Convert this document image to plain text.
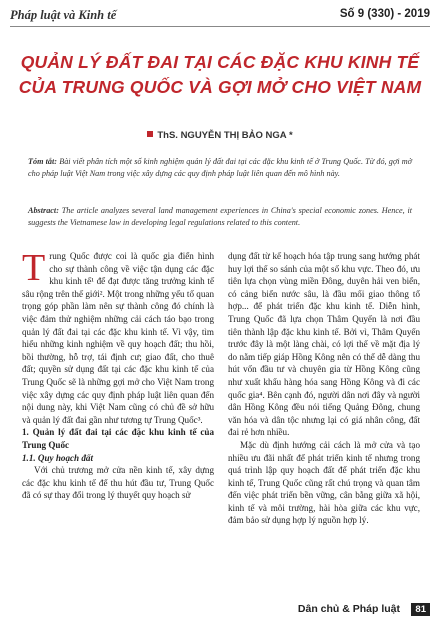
Pháp luật và Kinh tế	Số 9 (330) - 2019
QUẢN LÝ ĐẤT ĐAI TẠI CÁC ĐẶC KHU KINH TẾ
CỦA TRUNG QUỐC VÀ GỢI MỞ CHO VIỆT NAM
ThS. NGUYỄN THỊ BẢO NGA *
Tóm tắt: Bài viết phân tích một số kinh nghiệm quản lý đất đai tại các đặc khu kinh tế ở Trung Quốc. Từ đó, gợi mở cho pháp luật Việt Nam trong việc xây dựng các quy định pháp luật liên quan đến mô hình này.
Abstract: The article analyzes several land management experiences in China's special economic zones. Hence, it suggests the Vietnamese law in developing legal regulations related to this content.

Trung Quốc được coi là quốc gia điển hình cho sự thành công về việc tận dụng các đặc khu kinh tế¹ để đạt được tăng trưởng kinh tế sâu rộng trên thế giới². Một trong những yếu tố quan trọng góp phần làm nên sự thành công đó chính là việc đảm thử nghiệm những cải cách táo bạo trong quản lý đất đai tại các đặc khu kinh tế. Vì vậy, tìm hiểu những kinh nghiệm về quy hoạch đất; thu hồi, bồi thường, hỗ trợ, tái định cư; giao đất, cho thuê đất; quyền sử dụng đất tại các đặc khu kinh tế của Trung Quốc sẽ là những gợi mở cho Việt Nam trong việc xây dựng các quy định pháp luật liên quan đến nội dung này, khi Việt Nam cũng có chủ đề sở hữu và quản lý đất đai gần như tương tự Trung Quốc³.

1. Quản lý đất đai tại các đặc khu kinh tế của Trung Quốc

1.1. Quy hoạch đất

Với chủ trương mở cửa nền kinh tế, xây dựng các đặc khu kinh tế để thu hút đầu tư, Trung Quốc đã có sự thay đổi trong lý thuyết quy hoạch sử

dụng đất từ kế hoạch hóa tập trung sang hướng phát huy lợi thế so sánh của một số khu vực. Theo đó, ưu tiên lựa chọn vùng miền Đông, duyên hải ven biển, có cảng biển nước sâu, là đầu mối giao thông tổ hợp... để phát triển đặc khu kinh tế. Diễn hình, Trung Quốc đã lựa chọn Thâm Quyến là nơi đầu tiên thành lập đặc khu kinh tế. Bởi vì, Thâm Quyến trước đây là một làng chài, có lợi thế về mặt địa lý do nằm tiếp giáp Hồng Kông nên có thể dễ dàng thu hút vốn đầu tư và chuyên gia từ Hồng Kông cũng như xuất khẩu hàng hóa sang Hồng Kông và đi các quốc gia⁴. Bên cạnh đó, người dân nơi đây và người dân Hồng Kông đều nói tiếng Quảng Đông, chung văn hóa và dân tộc nhưng lại có giá nhân công, đất đai rẻ hơn nhiều.

Mặc dù định hướng cải cách là mở cửa và tạo nhiều ưu đãi nhất để phát triển kinh tế nhưng trong quá trình lập quy hoạch đất để phát triển đặc khu kinh tế, Trung Quốc cũng rất chú trọng và quan tâm đến việc phát triển bền vững, cân bằng giữa xã hội, kinh tế và môi trường, hài hòa giữa các khu vực, đảm bảo sử dụng hợp lý nguồn hợp lý.

Dân chủ & Pháp luật	81
